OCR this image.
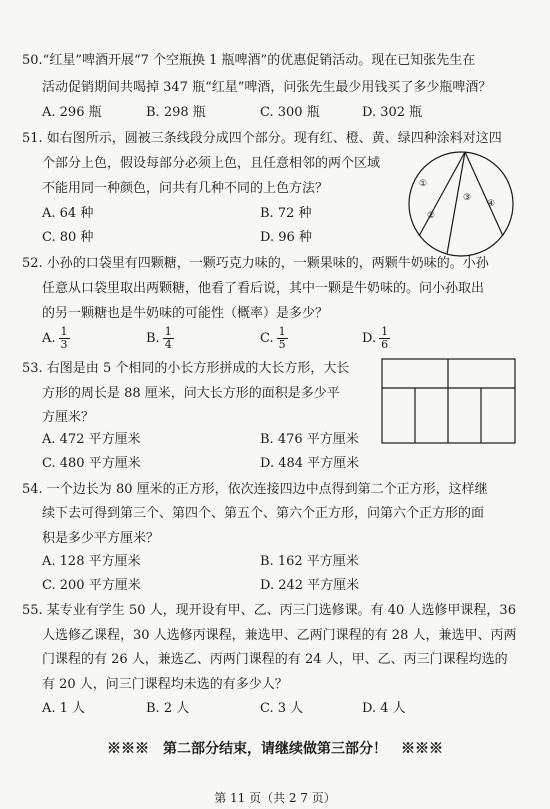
50.“红星”啤酒开展“7 个空瓶换 1 瓶啤酒”的优惠促销活动。现在已知张先生在
活动促销期间共喝掉 347 瓶“红星”啤酒，问张先生最少用钱买了多少瓶啤酒？
A. 296 瓶	B. 298 瓶	C. 300 瓶	D. 302 瓶
51. 如右图所示，圆被三条线段分成四个部分。现有红、橙、黄、绿四种涂料对这四
个部分上色，假设每部分必须上色，且任意相邻的两个区域
不能用同一种颜色，问共有几种不同的上色方法？
A. 64 种	B. 72 种
C. 80 种	D. 96 种
①
②
③
④
52. 小孙的口袋里有四颗糖，一颗巧克力味的，一颗果味的，两颗牛奶味的。小孙
任意从口袋里取出两颗糖，他看了看后说，其中一颗是牛奶味的。问小孙取出
的另一颗糖也是牛奶味的可能性（概率）是多少？
A. $\frac{1}{3}$	B. $\frac{1}{4}$	C. $\frac{1}{5}$	D. $\frac{1}{6}$
53. 右图是由 5 个相同的小长方形拼成的大长方形，大长
方形的周长是 88 厘米，问大长方形的面积是多少平
方厘米？
A. 472 平方厘米	B. 476 平方厘米
C. 480 平方厘米	D. 484 平方厘米
54. 一个边长为 80 厘米的正方形，依次连接四边中点得到第二个正方形，这样继
续下去可得到第三个、第四个、第五个、第六个正方形，问第六个正方形的面
积是多少平方厘米？
A. 128 平方厘米	B. 162 平方厘米
C. 200 平方厘米	D. 242 平方厘米
55. 某专业有学生 50 人，现开设有甲、乙、丙三门选修课。有 40 人选修甲课程，36
人选修乙课程，30 人选修丙课程，兼选甲、乙两门课程的有 28 人，兼选甲、丙两
门课程的有 26 人，兼选乙、丙两门课程的有 24 人，甲、乙、丙三门课程均选的
有 20 人，问三门课程均未选的有多少人？
A. 1 人	B. 2 人	C. 3 人	D. 4 人
※※※　第二部分结束，请继续做第三部分！　※※※
第 11 页（共 2 7 页）
